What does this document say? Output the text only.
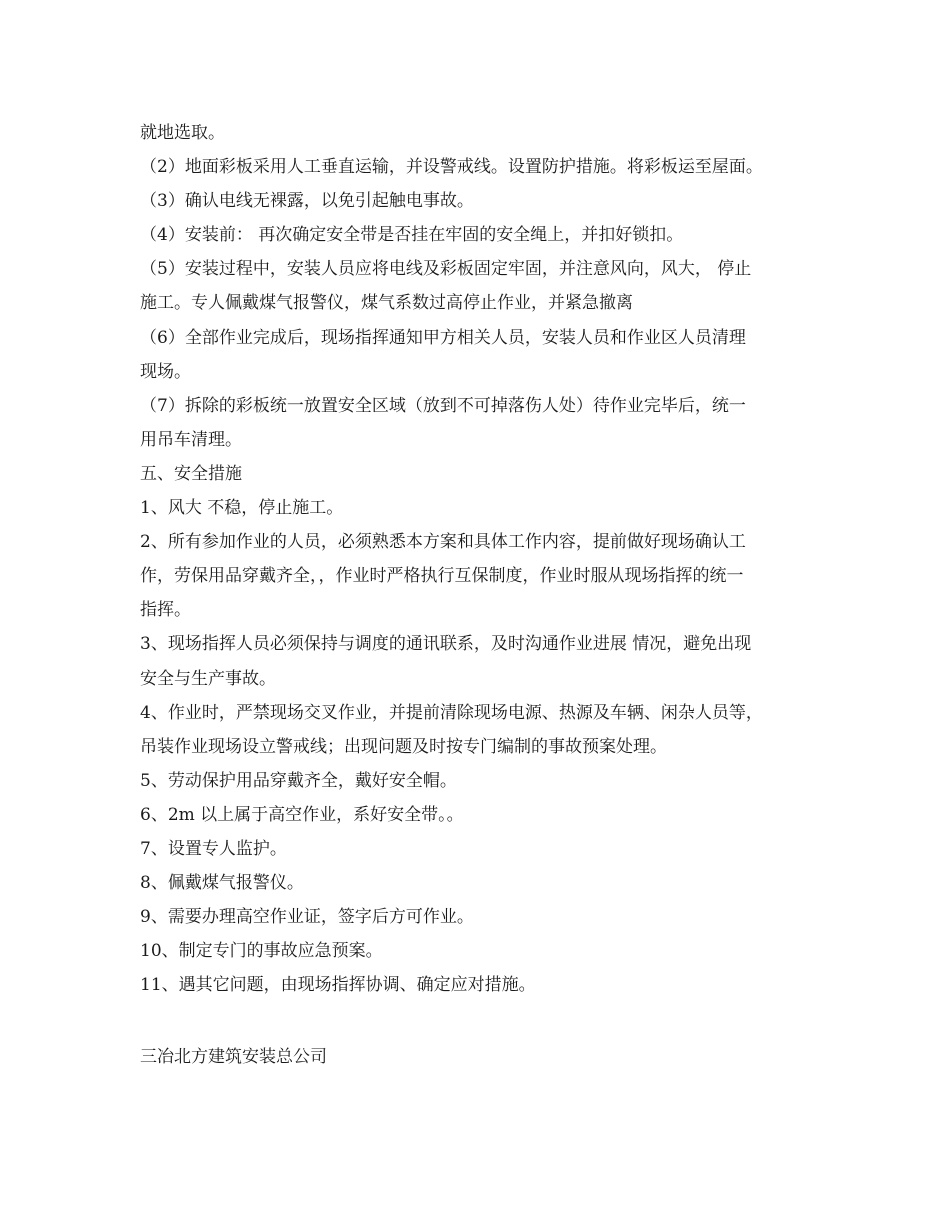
就地选取。

（2）地面彩板采用人工垂直运输，并设警戒线。设置防护措施。将彩板运至屋面。

（3）确认电线无裸露，以免引起触电事故。

（4）安装前： 再次确定安全带是否挂在牢固的安全绳上，并扣好锁扣。

（5）安装过程中，安装人员应将电线及彩板固定牢固，并注意风向，风大， 停止

施工。专人佩戴煤气报警仪，煤气系数过高停止作业，并紧急撤离

（6）全部作业完成后，现场指挥通知甲方相关人员，安装人员和作业区人员清理

现场。

（7）拆除的彩板统一放置安全区域（放到不可掉落伤人处）待作业完毕后，统一

用吊车清理。

五、安全措施

1、风大 不稳，停止施工。

2、所有参加作业的人员，必须熟悉本方案和具体工作内容，提前做好现场确认工

作，劳保用品穿戴齐全，，作业时严格执行互保制度，作业时服从现场指挥的统一

指挥。

3、现场指挥人员必须保持与调度的通讯联系，及时沟通作业进展 情况，避免出现

安全与生产事故。

4、作业时，严禁现场交叉作业，并提前清除现场电源、热源及车辆、闲杂人员等，

吊装作业现场设立警戒线；出现问题及时按专门编制的事故预案处理。

5、劳动保护用品穿戴齐全，戴好安全帽。

6、2m 以上属于高空作业，系好安全带。。

7、设置专人监护。

8、佩戴煤气报警仪。

9、需要办理高空作业证，签字后方可作业。

10、制定专门的事故应急预案。

11、遇其它问题，由现场指挥协调、确定应对措施。

三冶北方建筑安装总公司
